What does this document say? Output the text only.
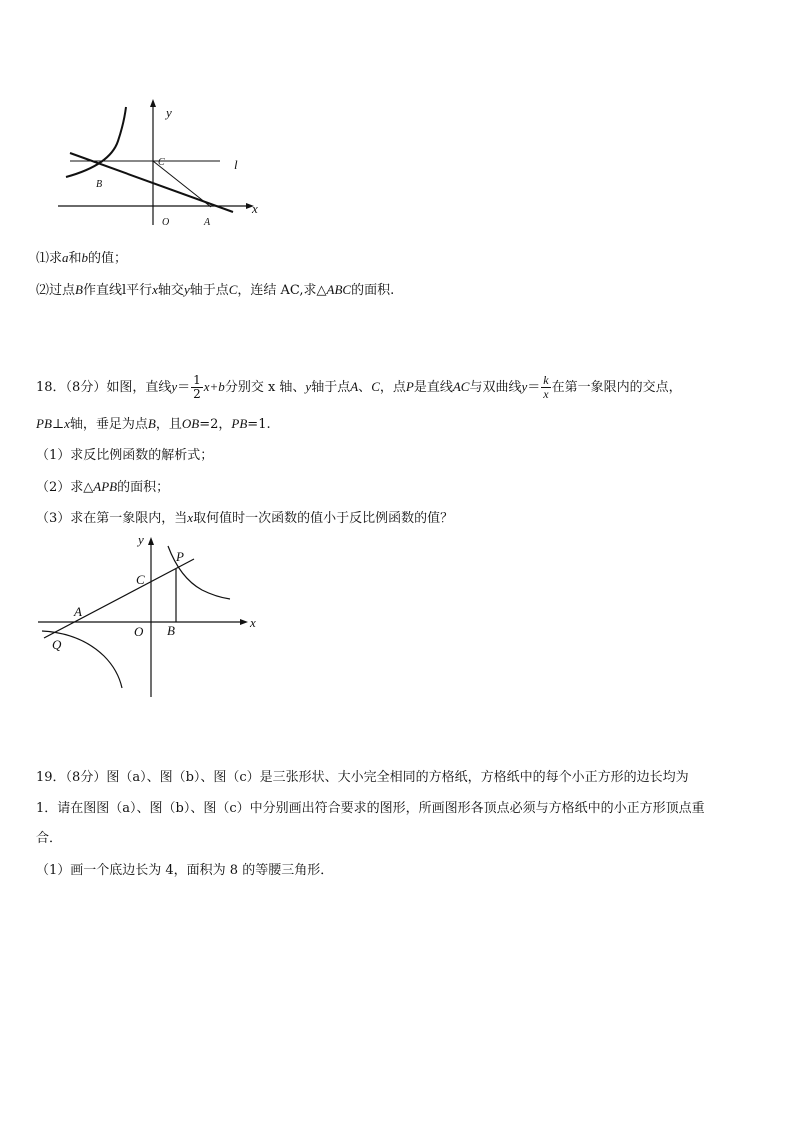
y
l
C
B
x
O	A
⑴求a和b的值；
⑵过点B作直线l平行x轴交y轴于点C，连结 AC,求△ABC的面积.
18．（8分）如图，直线$y= \frac{1}{2} x+b$分别交 x 轴、y轴于点A、C，点P是直线AC与双曲线$y= \frac{k}{x}$ 在第一象限内的交点，
PB⊥x轴，垂足为点B，且OB=2，PB=1.
（1）求反比例函数的解析式；
（2）求△APB的面积；
（3）求在第一象限内，当x取何值时一次函数的值小于反比例函数的值？
y
P
C
A
O B
x
Q
19．（8分）图（a）、图（b）、图（c）是三张形状、大小完全相同的方格纸，方格纸中的每个小正方形的边长均为
1．请在图图（a）、图（b）、图（c）中分别画出符合要求的图形，所画图形各顶点必须与方格纸中的小正方形顶点重
合．
（1）画一个底边长为 4，面积为 8 的等腰三角形．
